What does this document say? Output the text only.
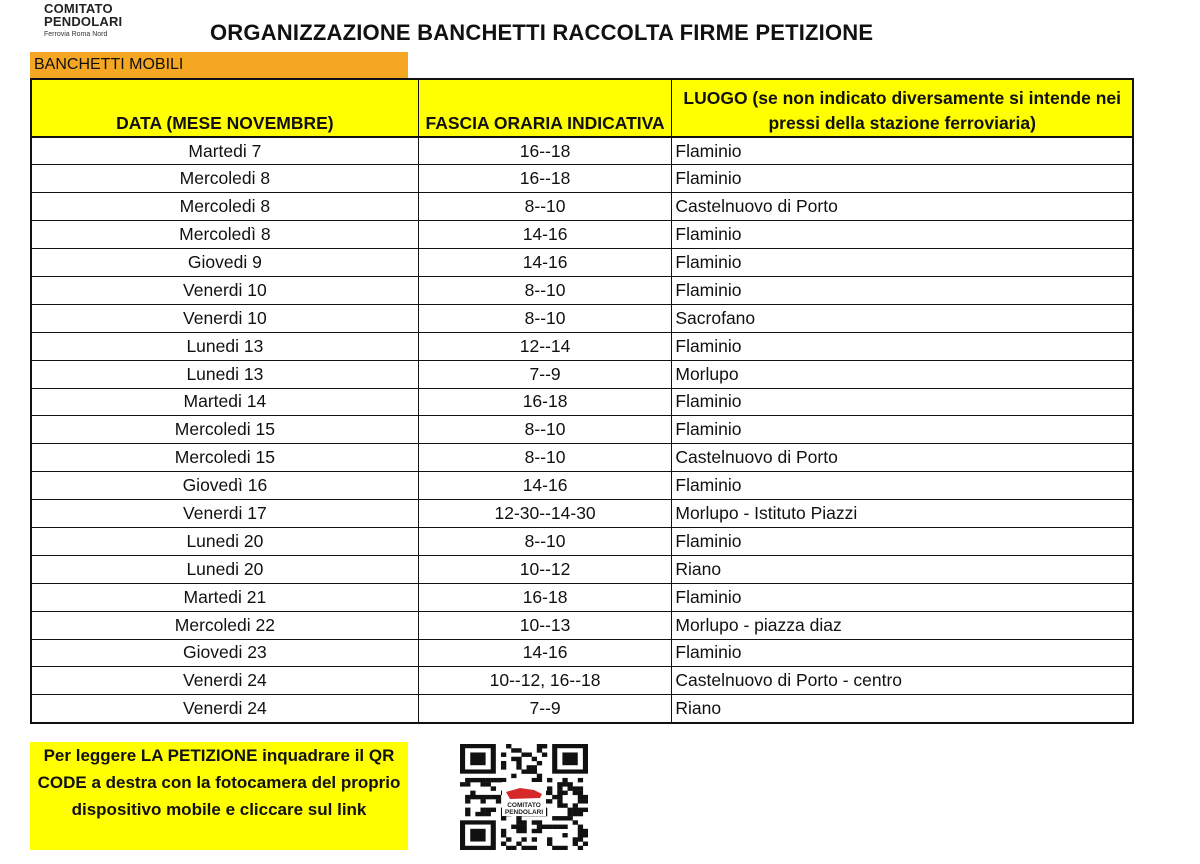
COMITATO
PENDOLARI
Ferrovia Roma Nord	ORGANIZZAZIONE BANCHETTI RACCOLTA FIRME PETIZIONE
BANCHETTI MOBILI
DATA (MESE NOVEMBRE)	FASCIA ORARIA INDICATIVA	LUOGO (se non indicato diversamente si intende nei pressi della stazione ferroviaria)
Martedi 7	16--18	Flaminio
Mercoledi 8	16--18	Flaminio
Mercoledi 8	8--10	Castelnuovo di Porto
Mercoledì 8	14-16	Flaminio
Giovedi 9	14-16	Flaminio
Venerdi 10	8--10	Flaminio
Venerdi 10	8--10	Sacrofano
Lunedi 13	12--14	Flaminio
Lunedi 13	7--9	Morlupo
Martedi 14	16-18	Flaminio
Mercoledi 15	8--10	Flaminio
Mercoledi 15	8--10	Castelnuovo di Porto
Giovedì 16	14-16	Flaminio
Venerdi 17	12-30--14-30	Morlupo - Istituto Piazzi
Lunedi 20	8--10	Flaminio
Lunedi 20	10--12	Riano
Martedi 21	16-18	Flaminio
Mercoledi 22	10--13	Morlupo - piazza diaz
Giovedi 23	14-16	Flaminio
Venerdi 24	10--12, 16--18	Castelnuovo di Porto - centro
Venerdi 24	7--9	Riano
Per leggere LA PETIZIONE inquadrare il QR CODE a destra con la fotocamera del proprio dispositivo mobile e cliccare sul link	COMITATO
PENDOLARI
